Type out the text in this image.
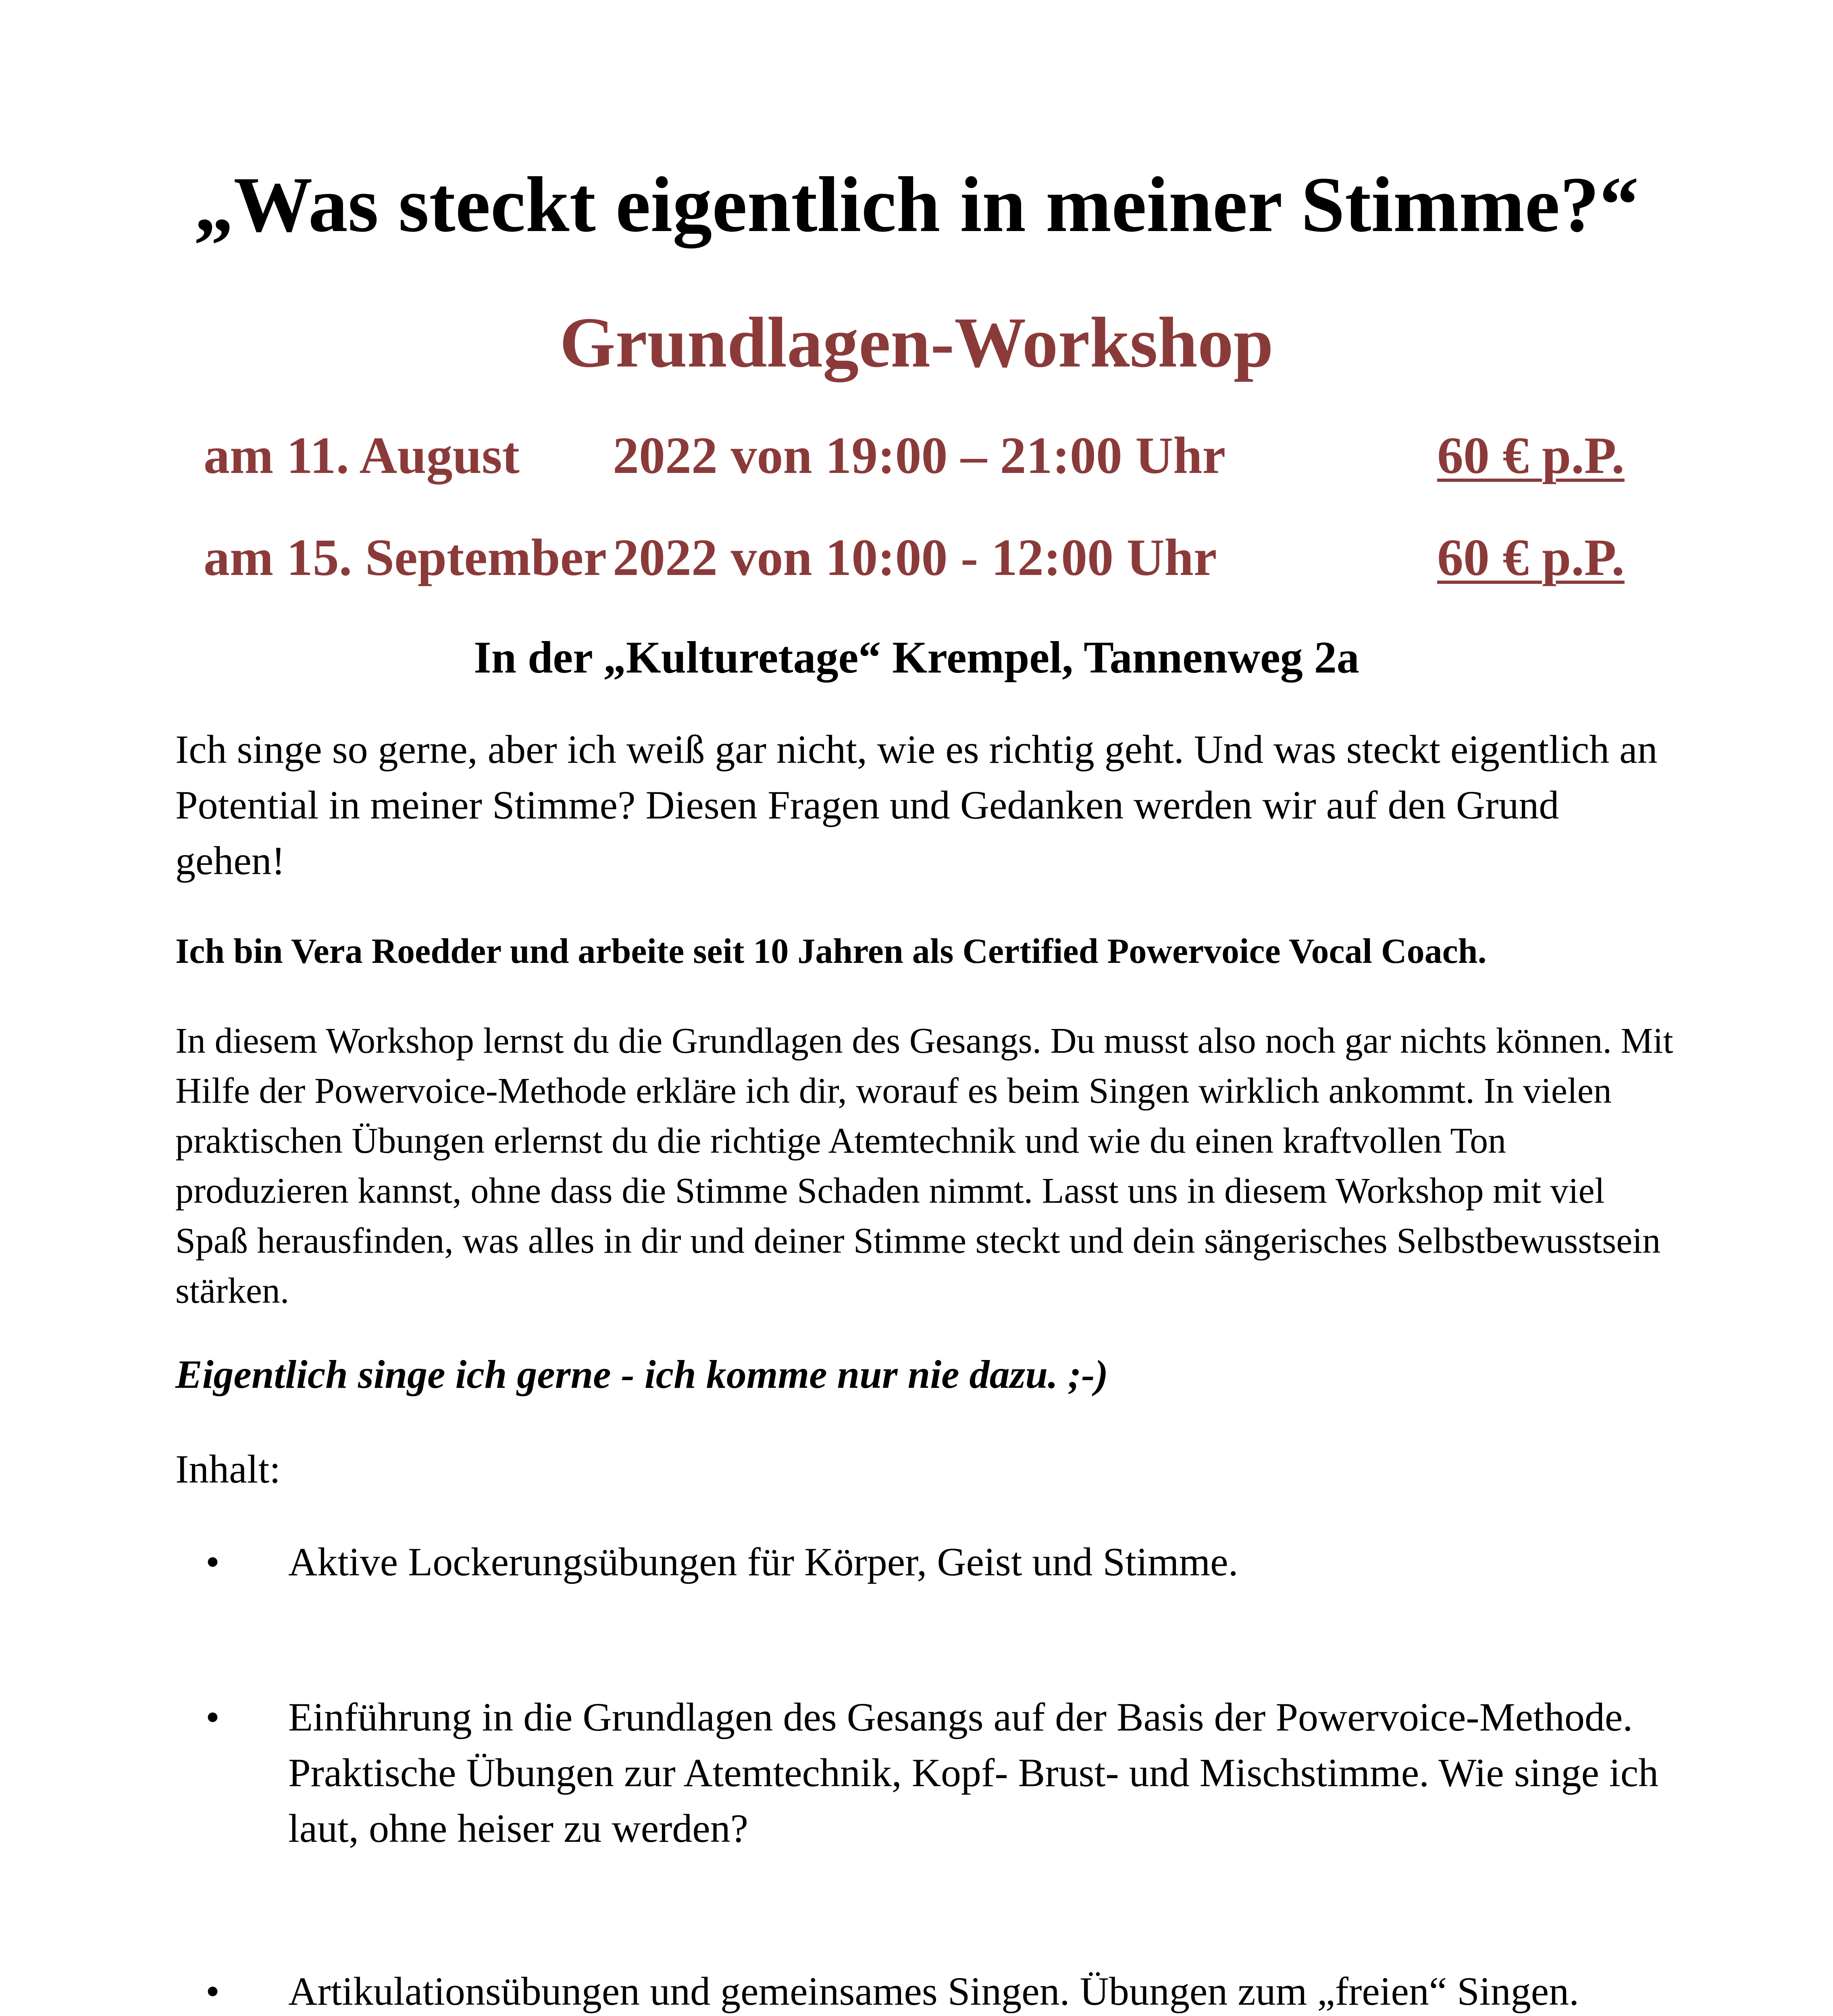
„Was steckt eigentlich in meiner Stimme?“
Grundlagen-Workshop
am 11. August 2022 von 19:00 – 21:00 Uhr	60 € p.P.
am 15. September 2022 von 10:00 - 12:00 Uhr	60 € p.P.
In der „Kulturetage“ Krempel, Tannenweg 2a

Ich singe so gerne, aber ich weiß gar nicht, wie es richtig geht. Und was steckt eigentlich an Potential in meiner Stimme? Diesen Fragen und Gedanken werden wir auf den Grund gehen!

Ich bin Vera Roedder und arbeite seit 10 Jahren als Certified Powervoice Vocal Coach.

In diesem Workshop lernst du die Grundlagen des Gesangs. Du musst also noch gar nichts können. Mit Hilfe der Powervoice-Methode erkläre ich dir, worauf es beim Singen wirklich ankommt. In vielen praktischen Übungen erlernst du die richtige Atemtechnik und wie du einen kraftvollen Ton produzieren kannst, ohne dass die Stimme Schaden nimmt. Lasst uns in diesem Workshop mit viel Spaß herausfinden, was alles in dir und deiner Stimme steckt und dein sängerisches Selbstbewusstsein stärken.

Eigentlich singe ich gerne - ich komme nur nie dazu. ;-)

Inhalt:

• Aktive Lockerungsübungen für Körper, Geist und Stimme.
• Einführung in die Grundlagen des Gesangs auf der Basis der Powervoice-Methode. Praktische Übungen zur Atemtechnik, Kopf- Brust- und Mischstimme. Wie singe ich laut, ohne heiser zu werden?
• Artikulationsübungen und gemeinsames Singen. Übungen zum „freien“ Singen.
